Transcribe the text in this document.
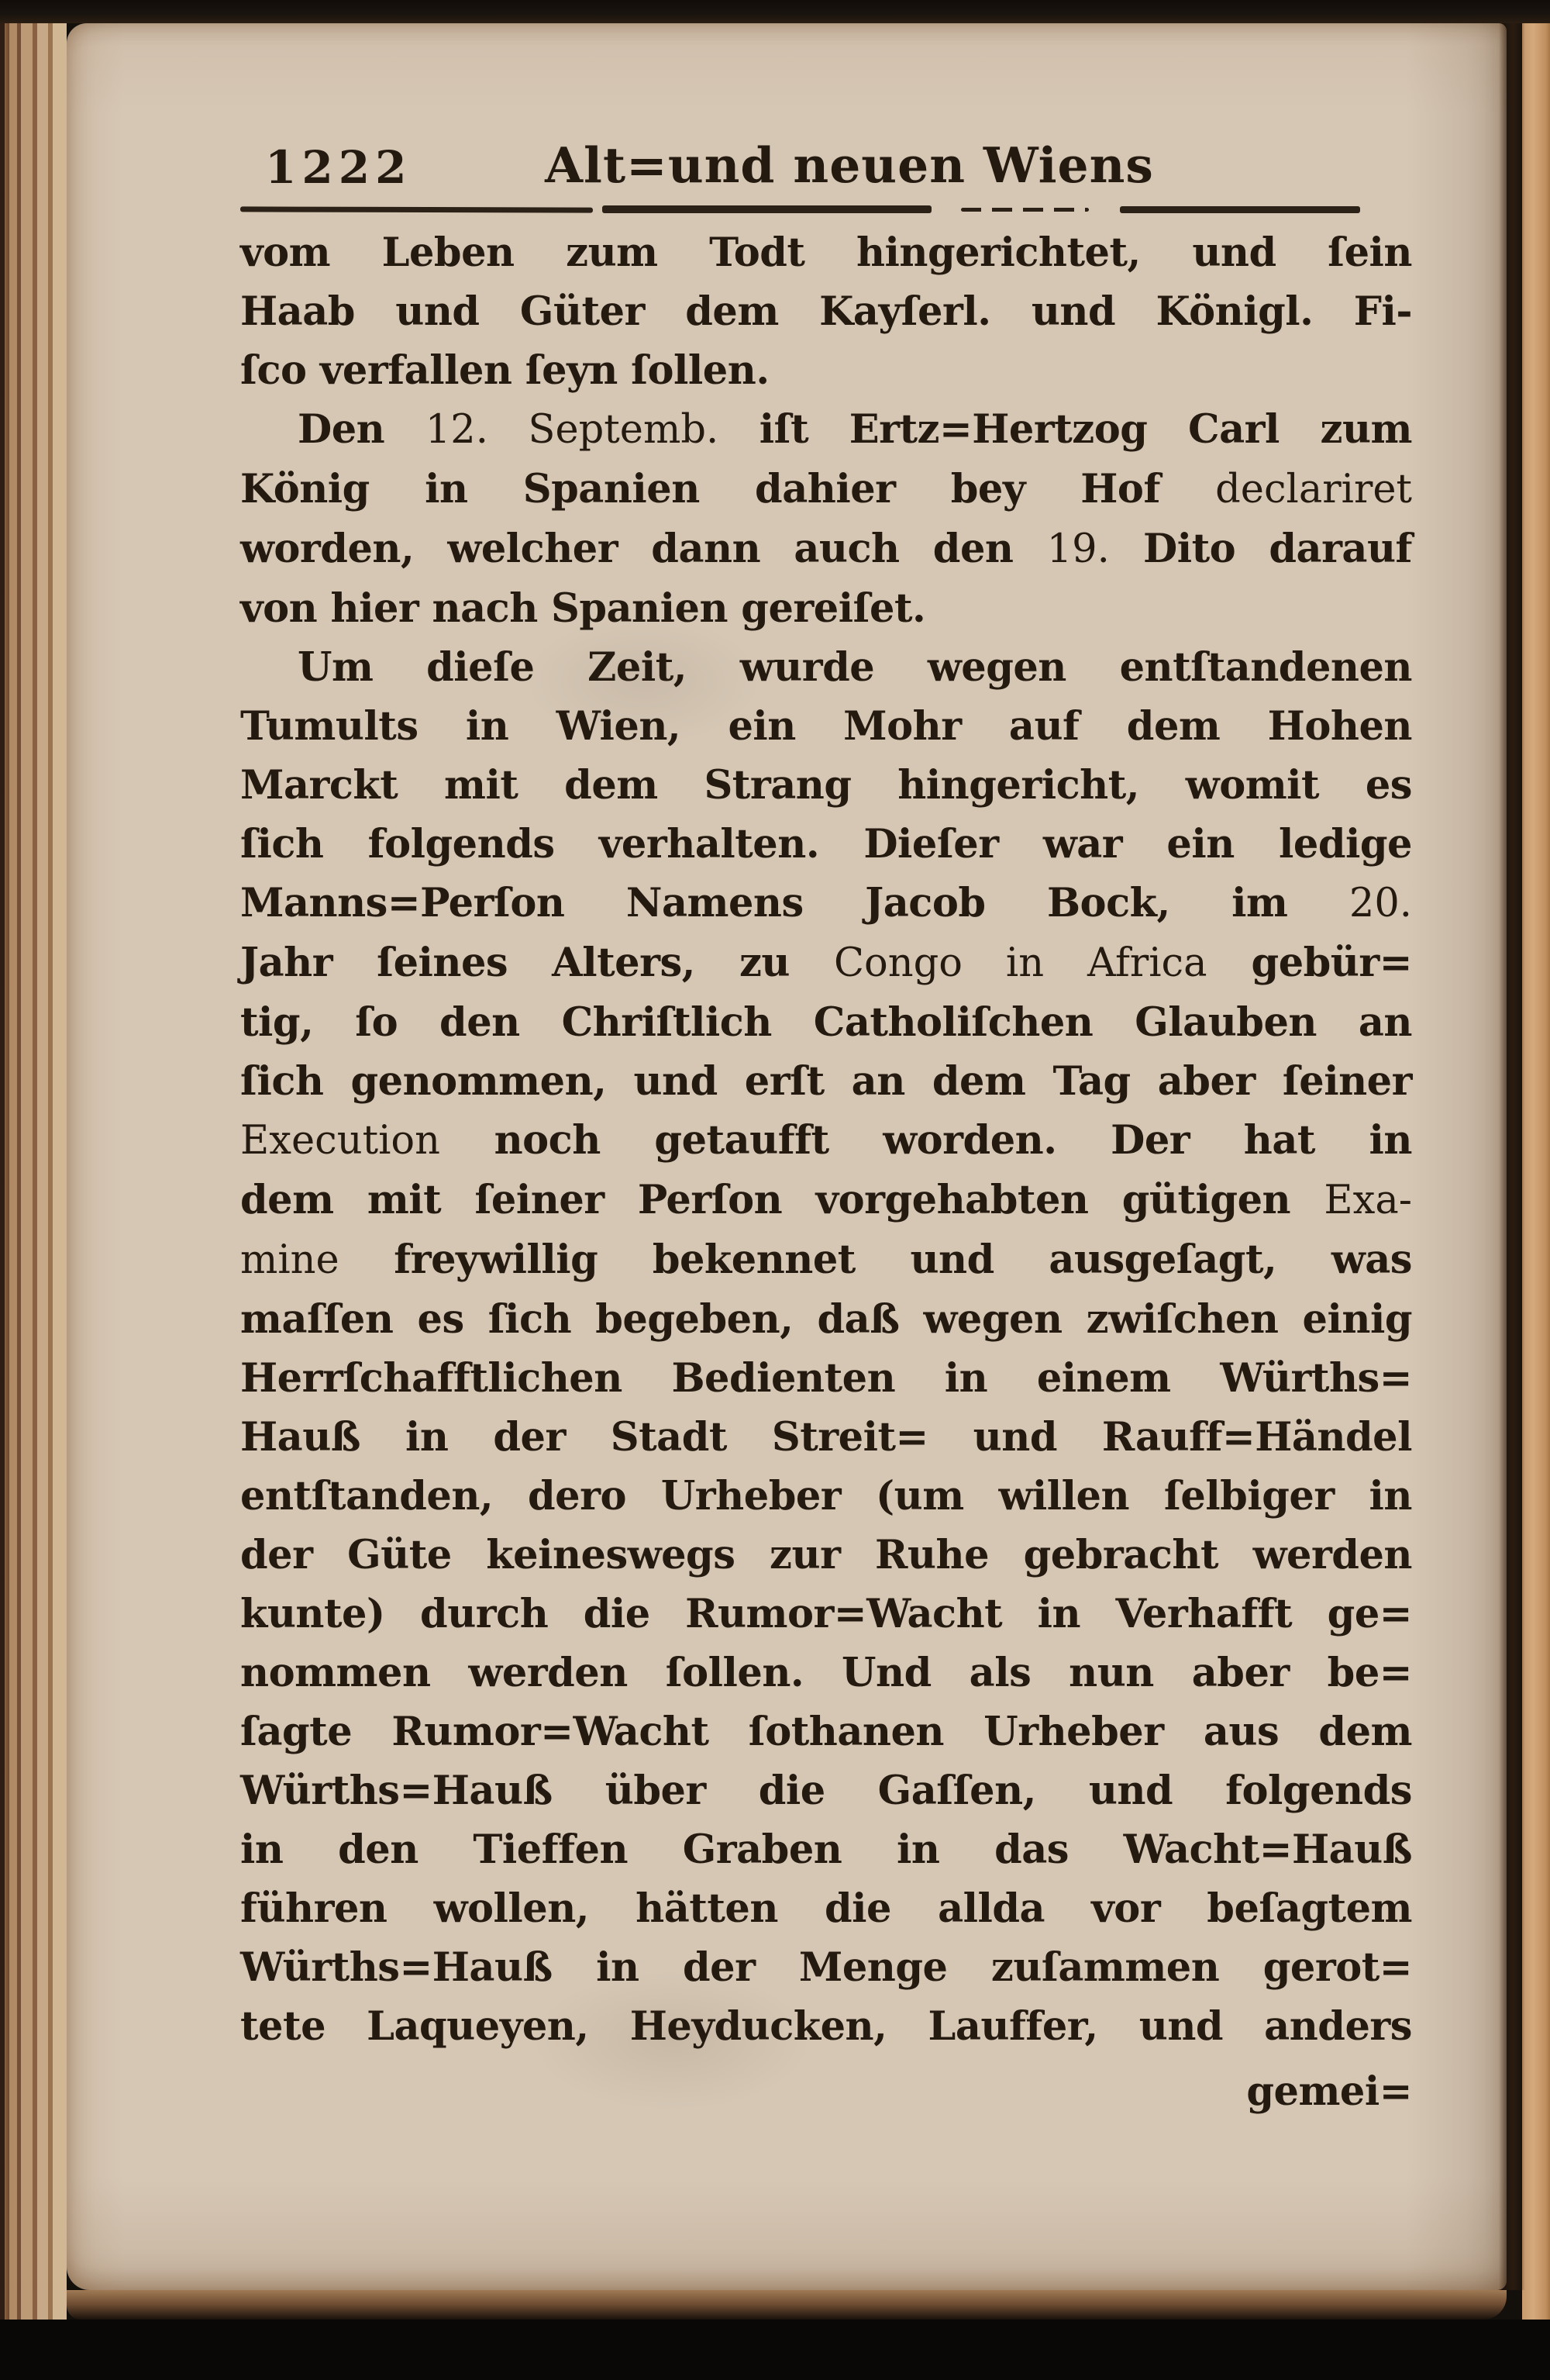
1222	Alt=und neuen Wiens
vom Leben zum Todt hingerichtet, und ſein
Haab und Güter dem Kayſerl. und Königl. Fi-
ſco verfallen ſeyn ſollen.
Den 12. Septemb. iſt Ertz=Hertzog Carl zum
König in Spanien dahier bey Hof declariret
worden, welcher dann auch den 19. Dito darauf
von hier nach Spanien gereiſet.
Um dieſe Zeit, wurde wegen entſtandenen
Tumults in Wien, ein Mohr auf dem Hohen
Marckt mit dem Strang hingericht, womit es
ſich folgends verhalten. Dieſer war ein ledige
Manns=Perſon Namens Jacob Bock, im 20.
Jahr ſeines Alters, zu Congo in Africa gebür=
tig, ſo den Chriſtlich Catholiſchen Glauben an
ſich genommen, und erſt an dem Tag aber ſeiner
Execution noch getaufft worden. Der hat in
dem mit ſeiner Perſon vorgehabten gütigen Exa-
mine freywillig bekennet und ausgeſagt, was
maſſen es ſich begeben, daß wegen zwiſchen einig
Herrſchafftlichen Bedienten in einem Würths=
Hauß in der Stadt Streit= und Rauff=Händel
entſtanden, dero Urheber (um willen ſelbiger in
der Güte keineswegs zur Ruhe gebracht werden
kunte) durch die Rumor=Wacht in Verhafft ge=
nommen werden ſollen. Und als nun aber be=
ſagte Rumor=Wacht ſothanen Urheber aus dem
Würths=Hauß über die Gaſſen, und folgends
in den Tieffen Graben in das Wacht=Hauß
führen wollen, hätten die allda vor beſagtem
Würths=Hauß in der Menge zuſammen gerot=
tete Laqueyen, Heyducken, Lauffer, und anders
gemei=
